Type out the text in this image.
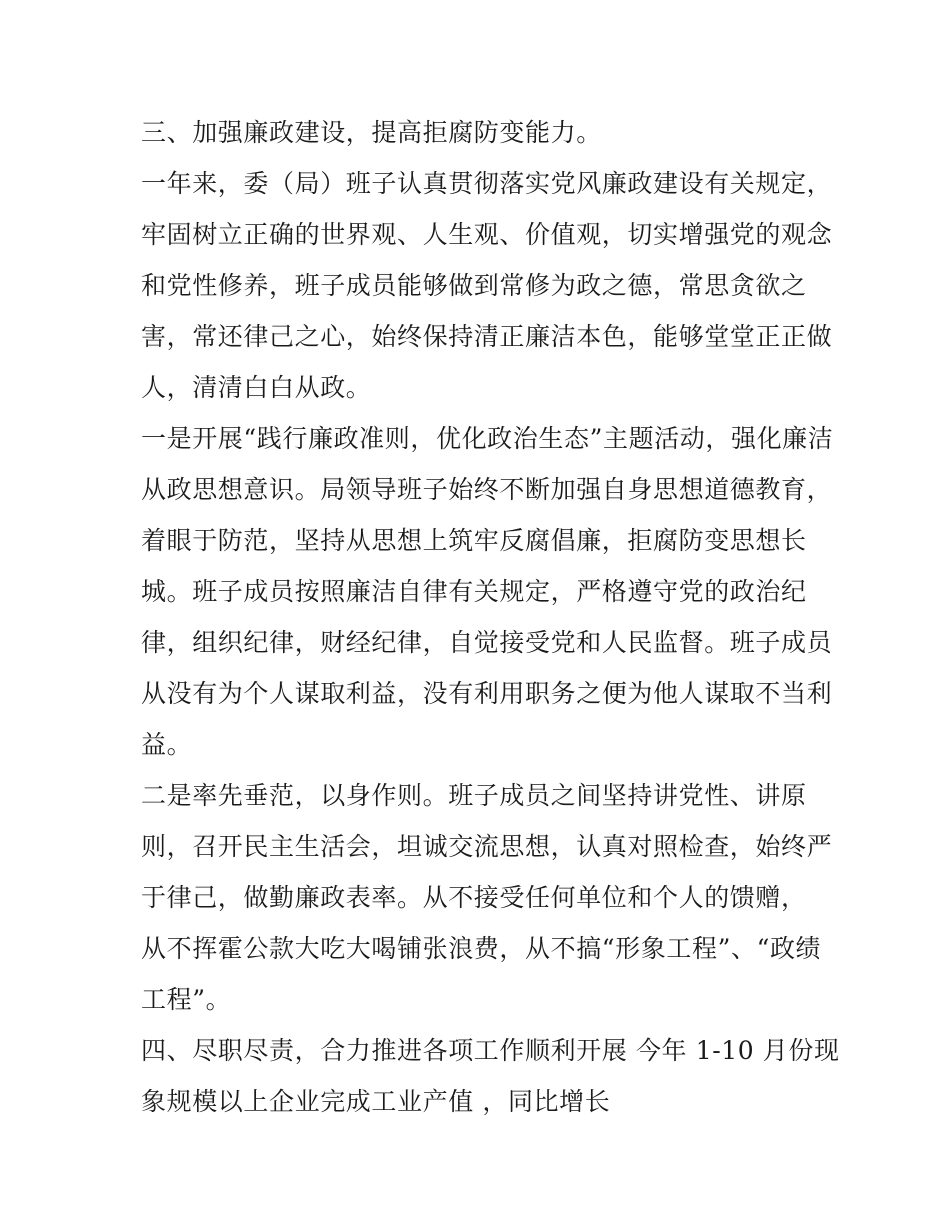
三、加强廉政建设，提高拒腐防变能力。

一年来，委（局）班子认真贯彻落实党风廉政建设有关规定，
牢固树立正确的世界观、人生观、价值观，切实增强党的观念
和党性修养，班子成员能够做到常修为政之德，常思贪欲之
害，常还律己之心，始终保持清正廉洁本色，能够堂堂正正做
人，清清白白从政。

一是开展“践行廉政准则，优化政治生态”主题活动，强化廉洁
从政思想意识。局领导班子始终不断加强自身思想道德教育，
着眼于防范，坚持从思想上筑牢反腐倡廉，拒腐防变思想长
城。班子成员按照廉洁自律有关规定，严格遵守党的政治纪
律，组织纪律，财经纪律，自觉接受党和人民监督。班子成员
从没有为个人谋取利益，没有利用职务之便为他人谋取不当利
益。

二是率先垂范，以身作则。班子成员之间坚持讲党性、讲原
则，召开民主生活会，坦诚交流思想，认真对照检查，始终严
于律己，做勤廉政表率。从不接受任何单位和个人的馈赠，
从不挥霍公款大吃大喝铺张浪费，从不搞“形象工程”、“政绩
工程”。

四、尽职尽责，合力推进各项工作顺利开展 今年 1-10 月份现
象规模以上企业完成工业产值 ，同比增长
